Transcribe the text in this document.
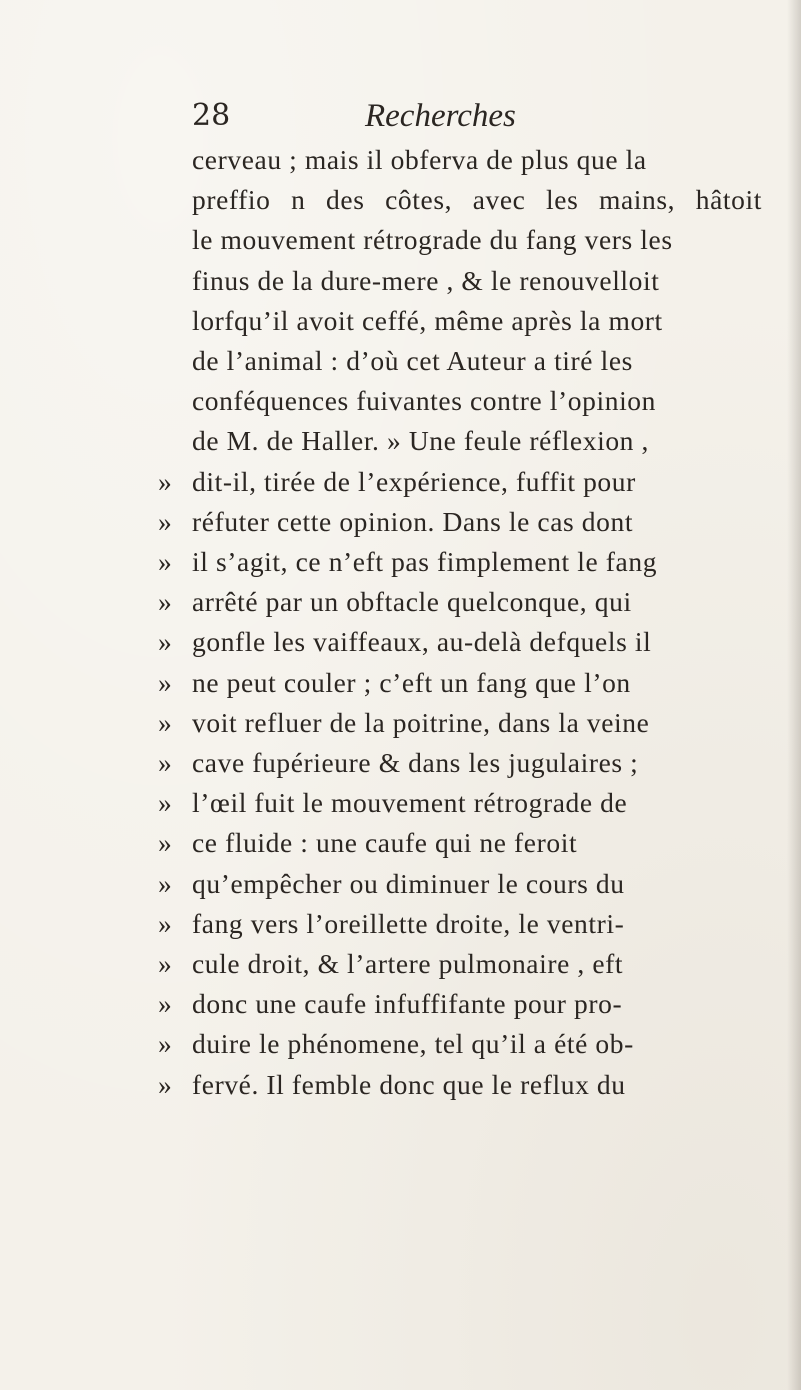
28	Recherches
cerveau ; mais il obferva de plus que la
preffio n des côtes, avec les mains, hâtoit
le mouvement rétrograde du fang vers les
finus de la dure-mere , & le renouvelloit
lorfqu’il avoit ceffé, même après la mort
de l’animal : d’où cet Auteur a tiré les
conféquences fuivantes contre l’opinion
de M. de Haller. » Une feule réflexion ,
» dit-il, tirée de l’expérience, fuffit pour
» réfuter cette opinion. Dans le cas dont
» il s’agit, ce n’eft pas fimplement le fang
» arrêté par un obftacle quelconque, qui
» gonfle les vaiffeaux, au-delà defquels il
» ne peut couler ; c’eft un fang que l’on
» voit refluer de la poitrine, dans la veine
» cave fupérieure & dans les jugulaires ;
» l’œil fuit le mouvement rétrograde de
» ce fluide : une caufe qui ne feroit
» qu’empêcher ou diminuer le cours du
» fang vers l’oreillette droite, le ventri-
» cule droit, & l’artere pulmonaire , eft
» donc une caufe infuffifante pour pro-
» duire le phénomene, tel qu’il a été ob-
» fervé. Il femble donc que le reflux du
